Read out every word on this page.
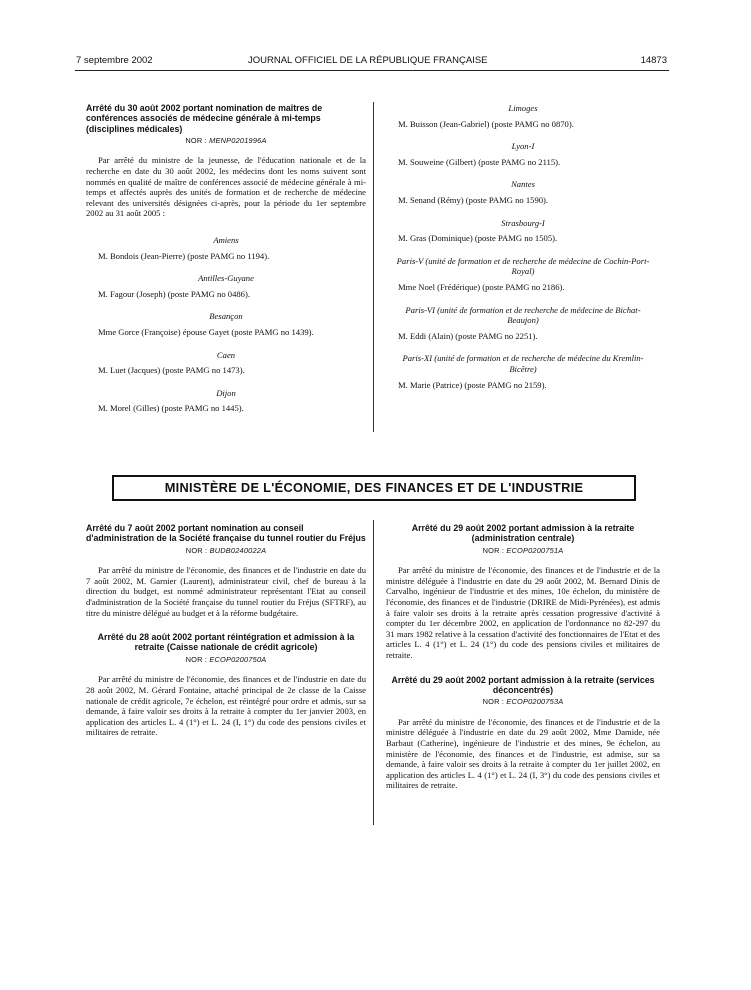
7 septembre 2002	JOURNAL OFFICIEL DE LA RÉPUBLIQUE FRANÇAISE	14873
Arrêté du 30 août 2002 portant nomination de maîtres de conférences associés de médecine générale à mi-temps (disciplines médicales)
NOR : MENP0201996A

Par arrêté du ministre de la jeunesse, de l'éducation nationale et de la recherche en date du 30 août 2002, les médecins dont les noms suivent sont nommés en qualité de maître de conférences associé de médecine générale à mi-temps et affectés auprès des unités de formation et de recherche de médecine relevant des universités désignées ci-après, pour la période du 1er septembre 2002 au 31 août 2005 :

Amiens

M. Bondois (Jean-Pierre) (poste PAMG no 1194).

Antilles-Guyane

M. Fagour (Joseph) (poste PAMG no 0486).

Besançon

Mme Gorce (Françoise) épouse Gayet (poste PAMG no 1439).

Caen

M. Luet (Jacques) (poste PAMG no 1473).

Dijon

M. Morel (Gilles) (poste PAMG no 1445).

Limoges

M. Buisson (Jean-Gabriel) (poste PAMG no 0870).

Lyon-I

M. Souweine (Gilbert) (poste PAMG no 2115).

Nantes

M. Senand (Rémy) (poste PAMG no 1590).

Strasbourg-I

M. Gras (Dominique) (poste PAMG no 1505).

Paris-V (unité de formation et de recherche de médecine de Cochin-Port-Royal)

Mme Noel (Frédérique) (poste PAMG no 2186).

Paris-VI (unité de formation et de recherche de médecine de Bichat-Beaujon)

M. Eddi (Alain) (poste PAMG no 2251).

Paris-XI (unité de formation et de recherche de médecine du Kremlin-Bicêtre)

M. Marie (Patrice) (poste PAMG no 2159).

MINISTÈRE DE L'ÉCONOMIE, DES FINANCES ET DE L'INDUSTRIE
Arrêté du 7 août 2002 portant nomination au conseil d'administration de la Société française du tunnel routier du Fréjus
NOR : BUDB0240022A

Par arrêté du ministre de l'économie, des finances et de l'industrie en date du 7 août 2002, M. Garnier (Laurent), administrateur civil, chef de bureau à la direction du budget, est nommé administrateur représentant l'Etat au conseil d'administration de la Société française du tunnel routier du Fréjus (SFTRF), au titre du ministre délégué au budget et à la réforme budgétaire.

Arrêté du 28 août 2002 portant réintégration et admission à la retraite (Caisse nationale de crédit agricole)
NOR : ECOP0200750A

Par arrêté du ministre de l'économie, des finances et de l'industrie en date du 28 août 2002, M. Gérard Fontaine, attaché principal de 2e classe de la Caisse nationale de crédit agricole, 7e échelon, est réintégré pour ordre et admis, sur sa demande, à faire valoir ses droits à la retraite à compter du 1er janvier 2003, en application des articles L. 4 (1°) et L. 24 (I, 1°) du code des pensions civiles et militaires de retraite.

Arrêté du 29 août 2002 portant admission à la retraite (administration centrale)
NOR : ECOP0200751A

Par arrêté du ministre de l'économie, des finances et de l'industrie et de la ministre déléguée à l'industrie en date du 29 août 2002, M. Bernard Dinis de Carvalho, ingénieur de l'industrie et des mines, 10e échelon, du ministère de l'économie, des finances et de l'industrie (DRIRE de Midi-Pyrénées), est admis à faire valoir ses droits à la retraite après cessation progressive d'activité à compter du 1er décembre 2002, en application de l'ordonnance no 82-297 du 31 mars 1982 relative à la cessation d'activité des fonctionnaires de l'Etat et des articles L. 4 (1°) et L. 24 (1°) du code des pensions civiles et militaires de retraite.

Arrêté du 29 août 2002 portant admission à la retraite (services déconcentrés)
NOR : ECOP0200753A

Par arrêté du ministre de l'économie, des finances et de l'industrie et de la ministre déléguée à l'industrie en date du 29 août 2002, Mme Damide, née Barbaut (Catherine), ingénieure de l'industrie et des mines, 9e échelon, au ministère de l'économie, des finances et de l'industrie, est admise, sur sa demande, à faire valoir ses droits à la retraite à compter du 1er juillet 2002, en application des articles L. 4 (1°) et L. 24 (I, 3°) du code des pensions civiles et militaires de retraite.
